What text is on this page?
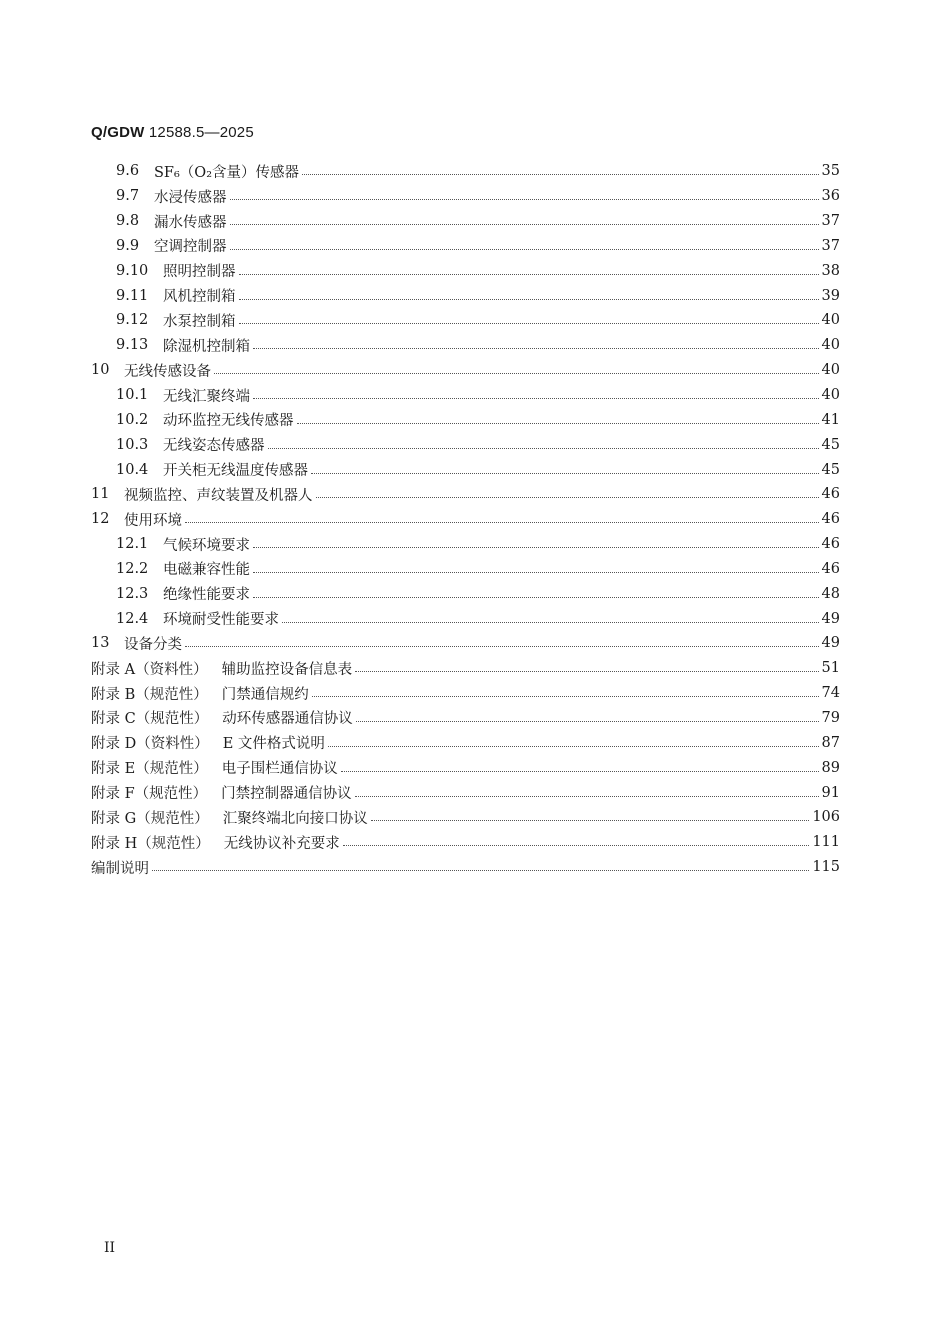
Q/GDW 12588.5—2025
9.6	SF₆（O₂含量）传感器	35
9.7	水浸传感器	36
9.8	漏水传感器	37
9.9	空调控制器	37
9.10	照明控制器	38
9.11	风机控制箱	39
9.12	水泵控制箱	40
9.13	除湿机控制箱	40
10	无线传感设备	40
10.1	无线汇聚终端	40
10.2	动环监控无线传感器	41
10.3	无线姿态传感器	45
10.4	开关柜无线温度传感器	45
11	视频监控、声纹装置及机器人	46
12	使用环境	46
12.1	气候环境要求	46
12.2	电磁兼容性能	46
12.3	绝缘性能要求	48
12.4	环境耐受性能要求	49
13	设备分类	49
附录 A（资料性） 辅助监控设备信息表	51
附录 B（规范性） 门禁通信规约	74
附录 C（规范性） 动环传感器通信协议	79
附录 D（资料性） E 文件格式说明	87
附录 E（规范性） 电子围栏通信协议	89
附录 F（规范性） 门禁控制器通信协议	91
附录 G（规范性） 汇聚终端北向接口协议	106
附录 H（规范性） 无线协议补充要求	111
编制说明	115
II
